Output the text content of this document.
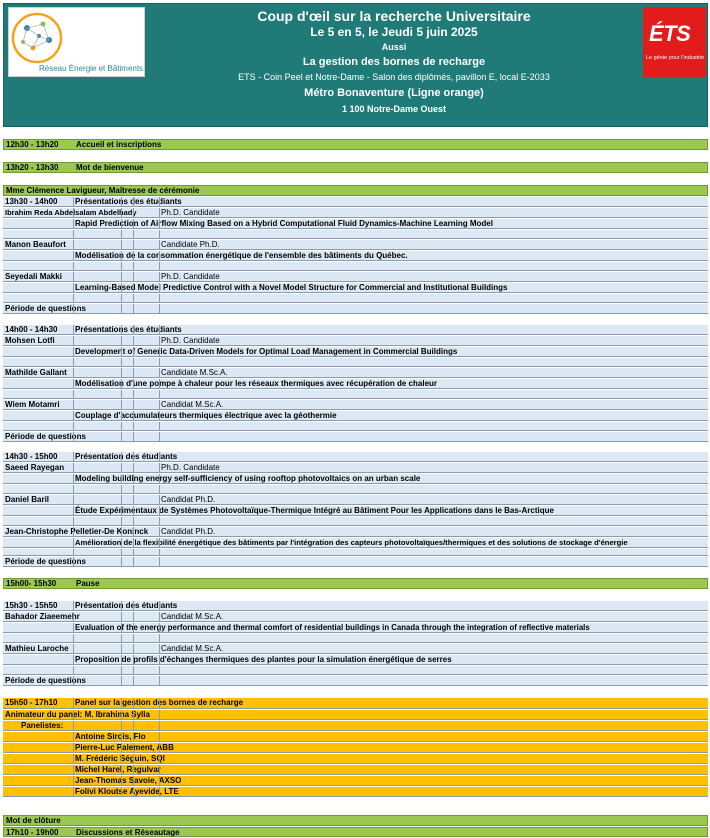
Réseau Énergie et Bâtiments
Coup d'œil sur la recherche Universitaire
Le 5 en 5, le Jeudi 5 juin 2025
Aussi
La gestion des bornes de recharge
ETS - Coin Peel et Notre-Dame - Salon des diplômés, pavillon E, local E-2033
Métro Bonaventure (Ligne orange)
1 100 Notre-Dame Ouest
ÉTS
Le génie pour l'industrie
12h30 - 13h20 Accueil et inscriptions
13h20 - 13h30 Mot de bienvenue
Mme Clémence Lavigueur, Maîtresse de cérémonie
13h30 - 14h00 Présentations des étudiants
Ibrahim Reda Abdelsalam Abdelhady	Ph.D. Candidate
Rapid Prediction of Airflow Mixing Based on a Hybrid Computational Fluid Dynamics-Machine Learning Model
Manon Beaufort	Candidate Ph.D.
Modélisation de la consommation énergétique de l'ensemble des bâtiments du Québec.
Seyedali Makki	Ph.D. Candidate
Learning-Based Model Predictive Control with a Novel Model Structure for Commercial and Institutional Buildings
Période de questions
14h00 - 14h30 Présentations des étudiants
Mohsen Lotfi	Ph.D. Candidate
Development of Generic Data-Driven Models for Optimal Load Management in Commercial Buildings
Mathilde Gallant	Candidate M.Sc.A.
Modélisation d'une pompe à chaleur pour les réseaux thermiques avec récupération de chaleur
Wiem Motamri	Candidat M.Sc.A.
Couplage d'accumulateurs thermiques électrique avec la géothermie
Période de questions
14h30 - 15h00 Présentation des étudiants
Saeed Rayegan	Ph.D. Candidate
Modeling building energy self-sufficiency of using rooftop photovoltaics on an urban scale
Daniel Baril	Candidat Ph.D.
Étude Expérimentaux de Systèmes Photovoltaïque-Thermique Intégré au Bâtiment Pour les Applications dans le Bas-Arctique
Jean-Christophe Pelletier-De Koninck Candidat Ph.D.
Amélioration de la flexibilité énergétique des bâtiments par l'intégration des capteurs photovoltaïques/thermiques et des solutions de stockage d'énergie
Période de questions
15h00- 15h30 Pause
15h30 - 15h50 Présentation des étudiants
Bahador Ziaeemehr	Candidat M.Sc.A.
Evaluation of the energy performance and thermal comfort of residential buildings in Canada through the integration of reflective materials
Mathieu Laroche	Candidat M.Sc.A.
Proposition de profils d'échanges thermiques des plantes pour la simulation énergétique de serres
Période de questions
15h50 - 17h10 Panel sur la gestion des bornes de recharge
Animateur du panel: M. Ibrahima Sylla
Panelistes:
Antoine Sirois, Flo
Pierre-Luc Palement, ABB
M. Frédéric Séguin, SQI
Michel Harel, Regulvar
Jean-Thomas Savoie, AXSO
Folivi Kloutse Ayevide, LTE
Mot de clôture
17h10 - 19h00 Discussions et Réseautage
